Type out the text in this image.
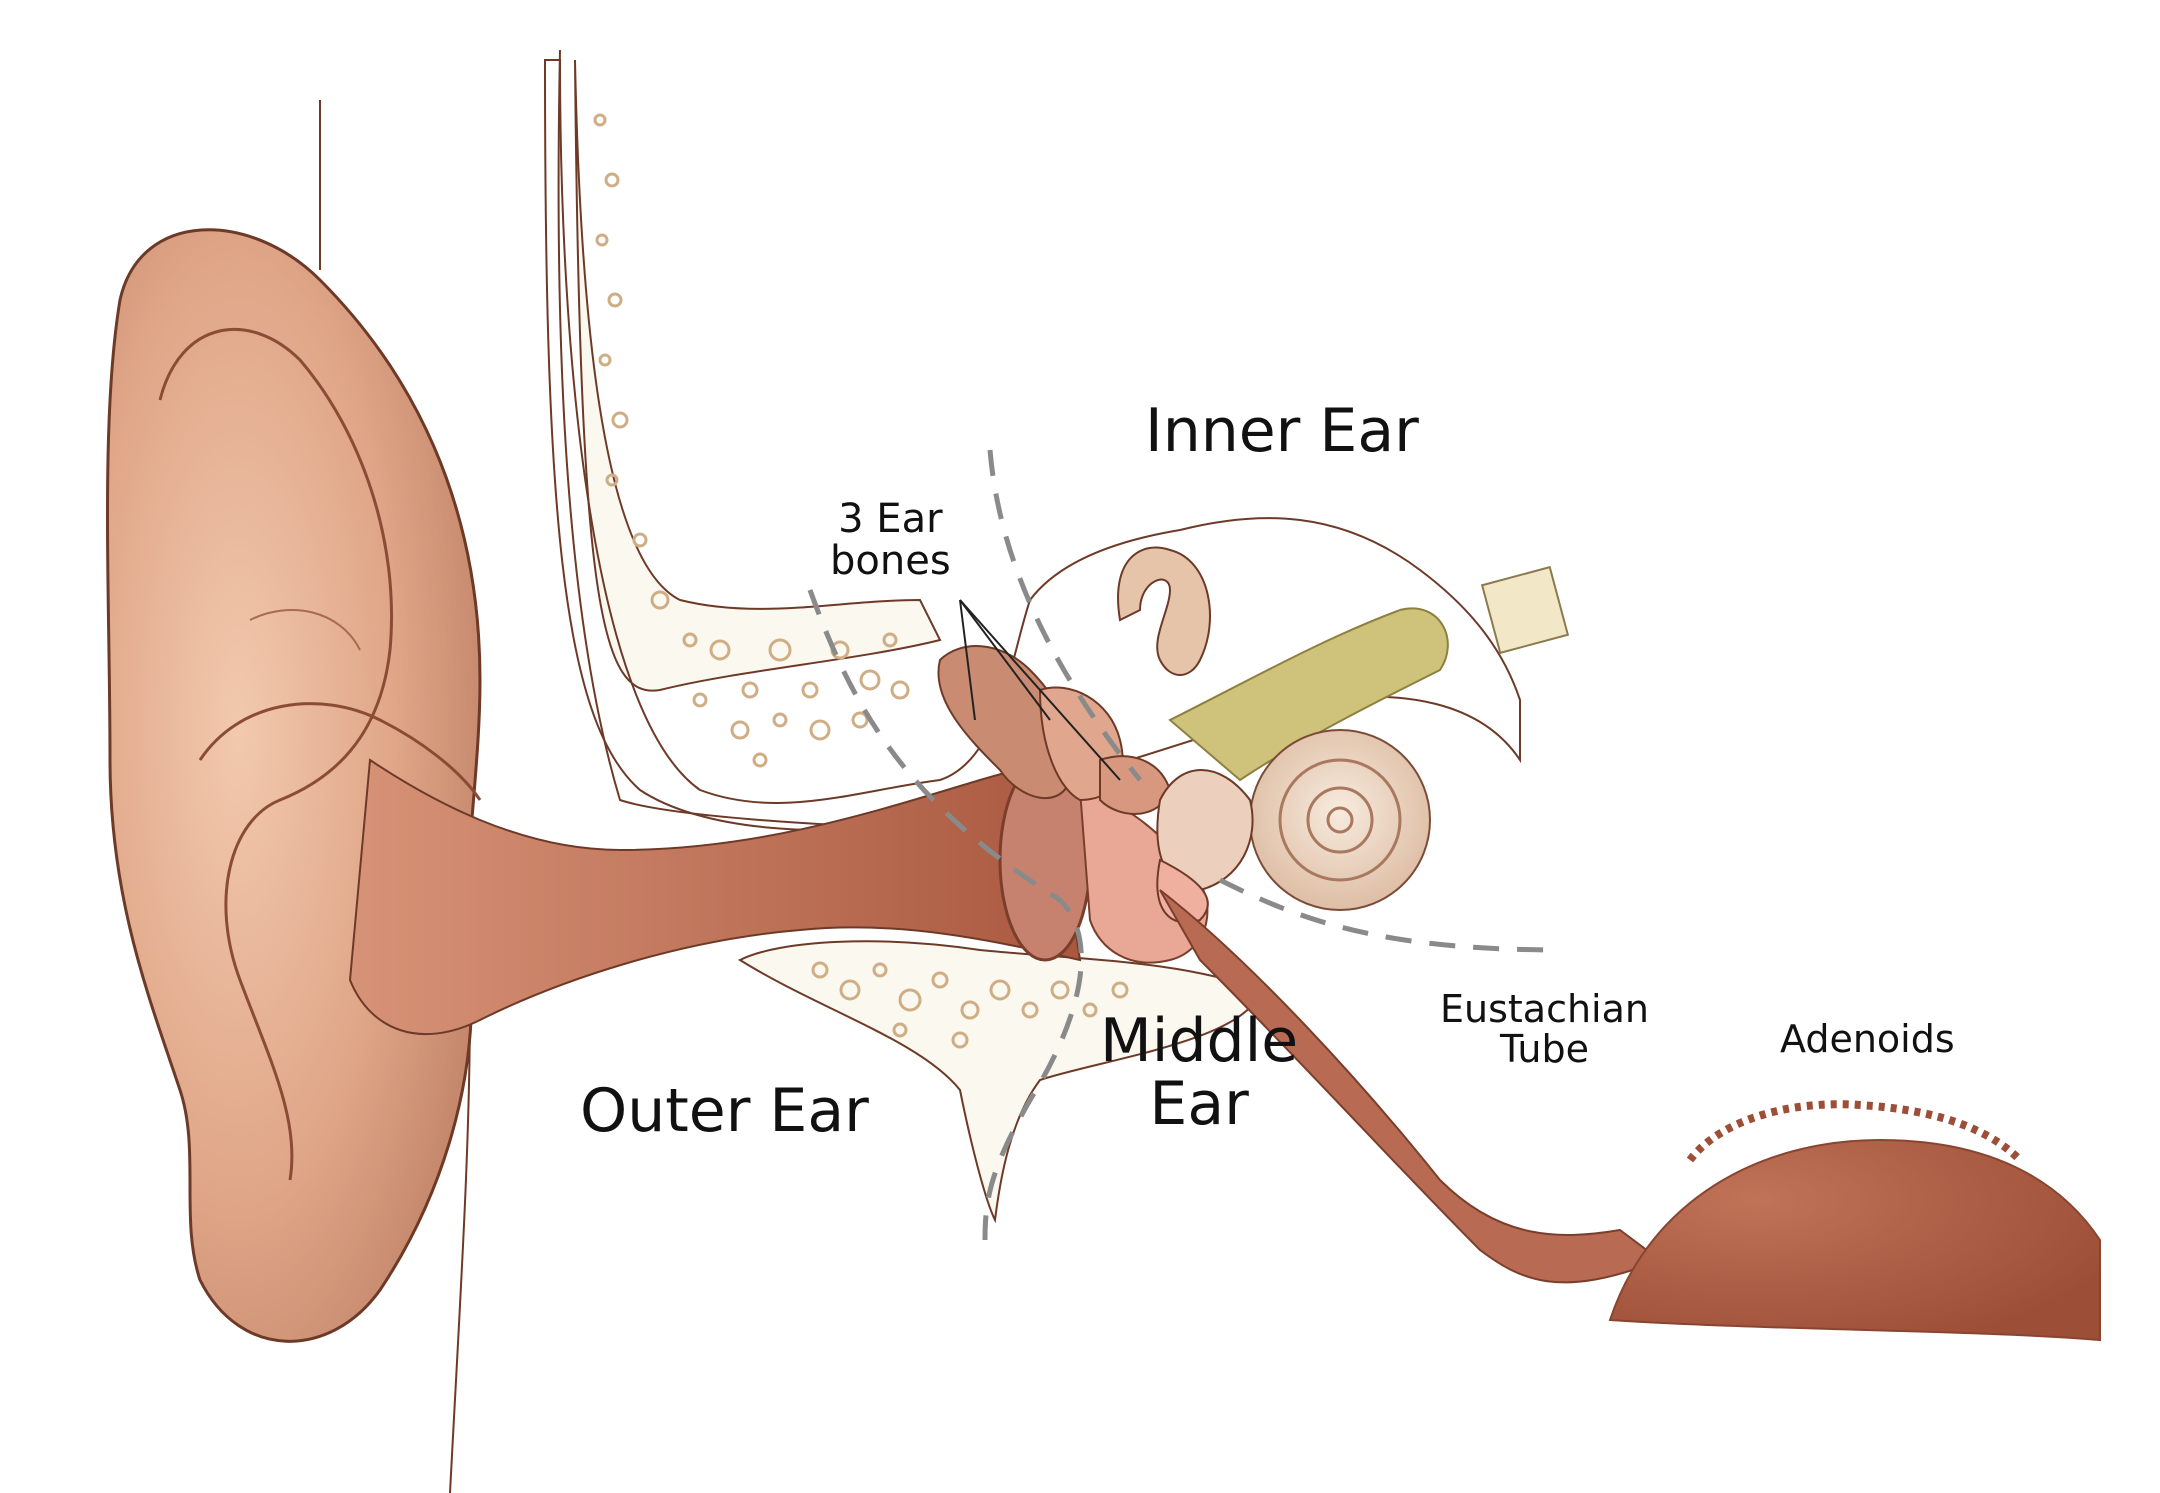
Inner Ear
3 Ear
bones
Middle
Ear
Outer Ear
Eustachian
Tube	Adenoids
